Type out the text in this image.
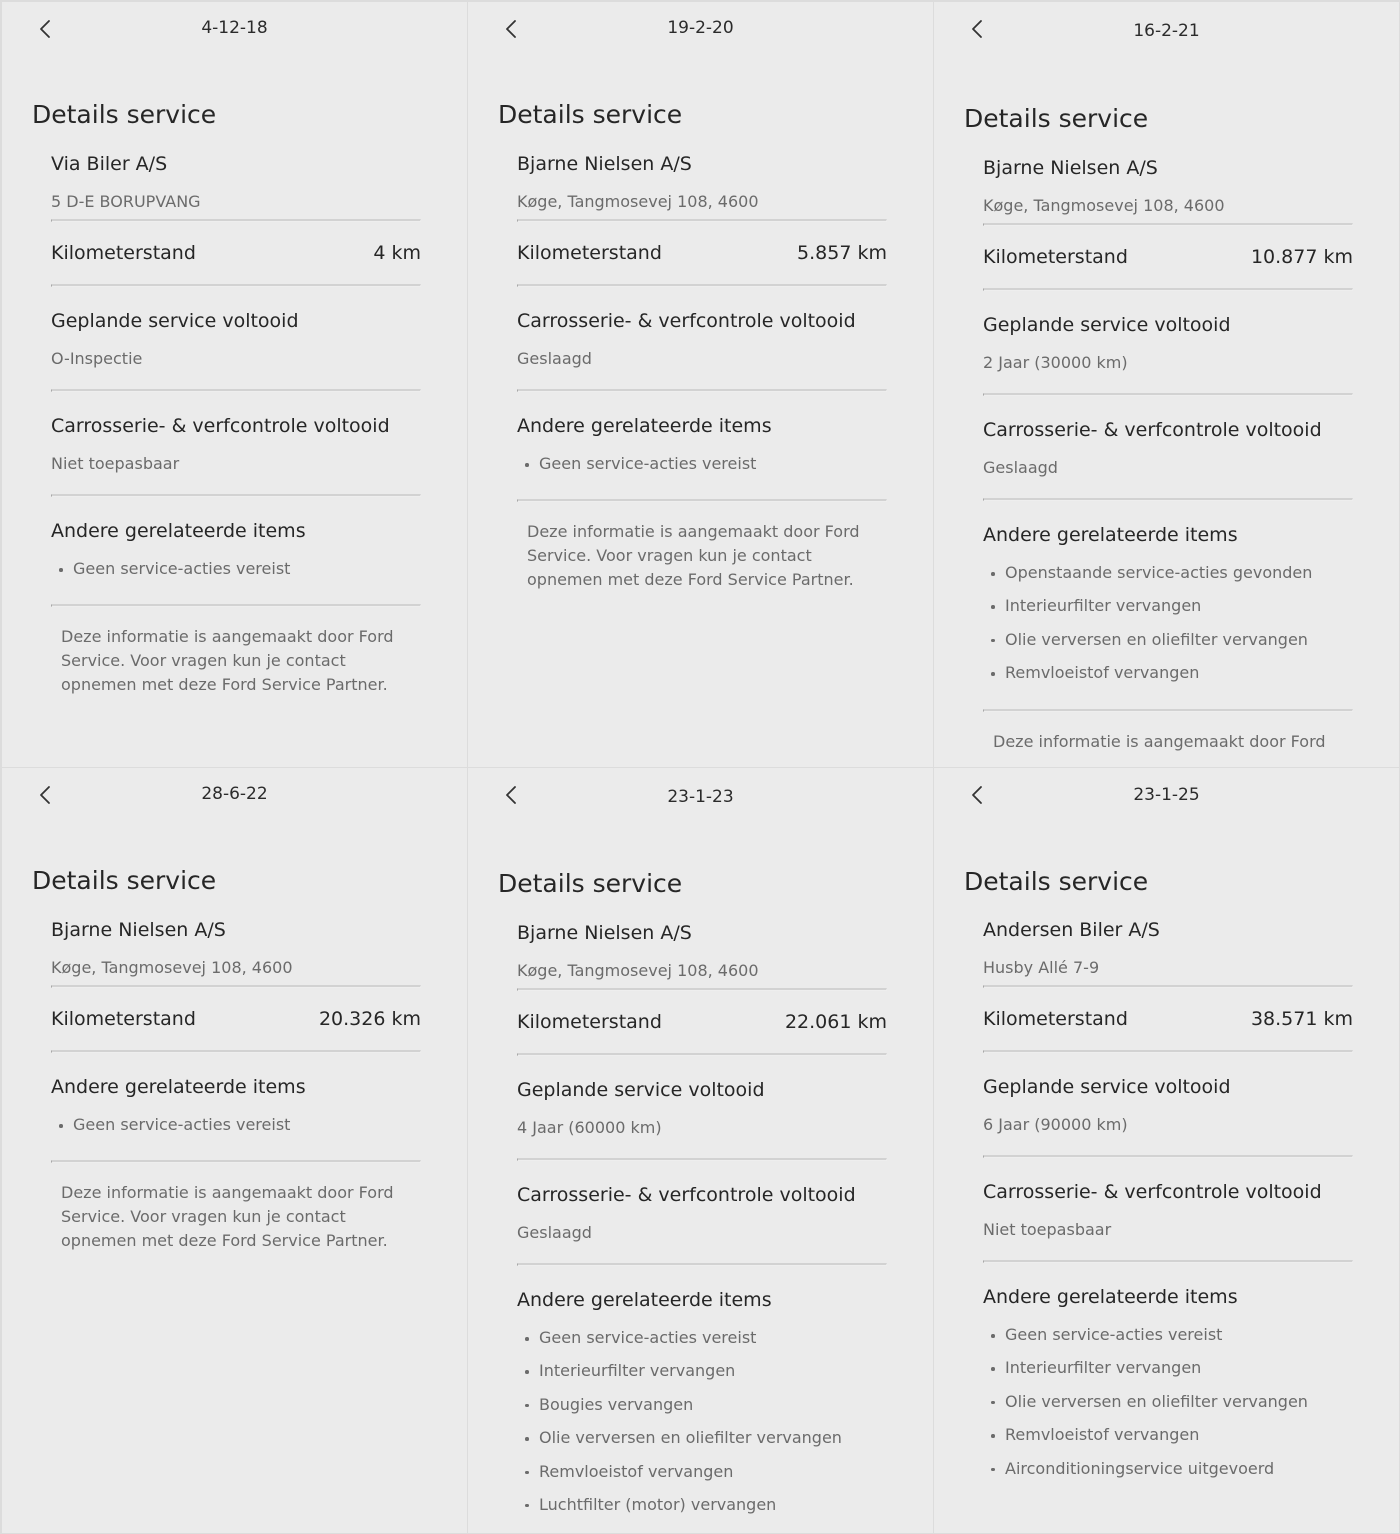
4-12-18
Details service
Via Biler A/S
5 D-E BORUPVANG
Kilometerstand	4 km
Geplande service voltooid
O-Inspectie
Carrosserie- & verfcontrole voltooid
Niet toepasbaar
Andere gerelateerde items
Geen service-acties vereist
Deze informatie is aangemaakt door Ford Service. Voor vragen kun je contact opnemen met deze Ford Service Partner.
19-2-20
Details service
Bjarne Nielsen A/S
Køge, Tangmosevej 108, 4600
Kilometerstand	5.857 km
Carrosserie- & verfcontrole voltooid
Geslaagd
Andere gerelateerde items
Geen service-acties vereist
Deze informatie is aangemaakt door Ford Service. Voor vragen kun je contact opnemen met deze Ford Service Partner.
16-2-21
Details service
Bjarne Nielsen A/S
Køge, Tangmosevej 108, 4600
Kilometerstand	10.877 km
Geplande service voltooid
2 Jaar (30000 km)
Carrosserie- & verfcontrole voltooid
Geslaagd
Andere gerelateerde items
Openstaande service-acties gevonden
Interieurfilter vervangen
Olie verversen en oliefilter vervangen
Remvloeistof vervangen
Deze informatie is aangemaakt door Ford
28-6-22
Details service
Bjarne Nielsen A/S
Køge, Tangmosevej 108, 4600
Kilometerstand	20.326 km
Andere gerelateerde items
Geen service-acties vereist
Deze informatie is aangemaakt door Ford Service. Voor vragen kun je contact opnemen met deze Ford Service Partner.
23-1-23
Details service
Bjarne Nielsen A/S
Køge, Tangmosevej 108, 4600
Kilometerstand	22.061 km
Geplande service voltooid
4 Jaar (60000 km)
Carrosserie- & verfcontrole voltooid
Geslaagd
Andere gerelateerde items
Geen service-acties vereist
Interieurfilter vervangen
Bougies vervangen
Olie verversen en oliefilter vervangen
Remvloeistof vervangen
Luchtfilter (motor) vervangen
23-1-25
Details service
Andersen Biler A/S
Husby Allé 7-9
Kilometerstand	38.571 km
Geplande service voltooid
6 Jaar (90000 km)
Carrosserie- & verfcontrole voltooid
Niet toepasbaar
Andere gerelateerde items
Geen service-acties vereist
Interieurfilter vervangen
Olie verversen en oliefilter vervangen
Remvloeistof vervangen
Airconditioningservice uitgevoerd
